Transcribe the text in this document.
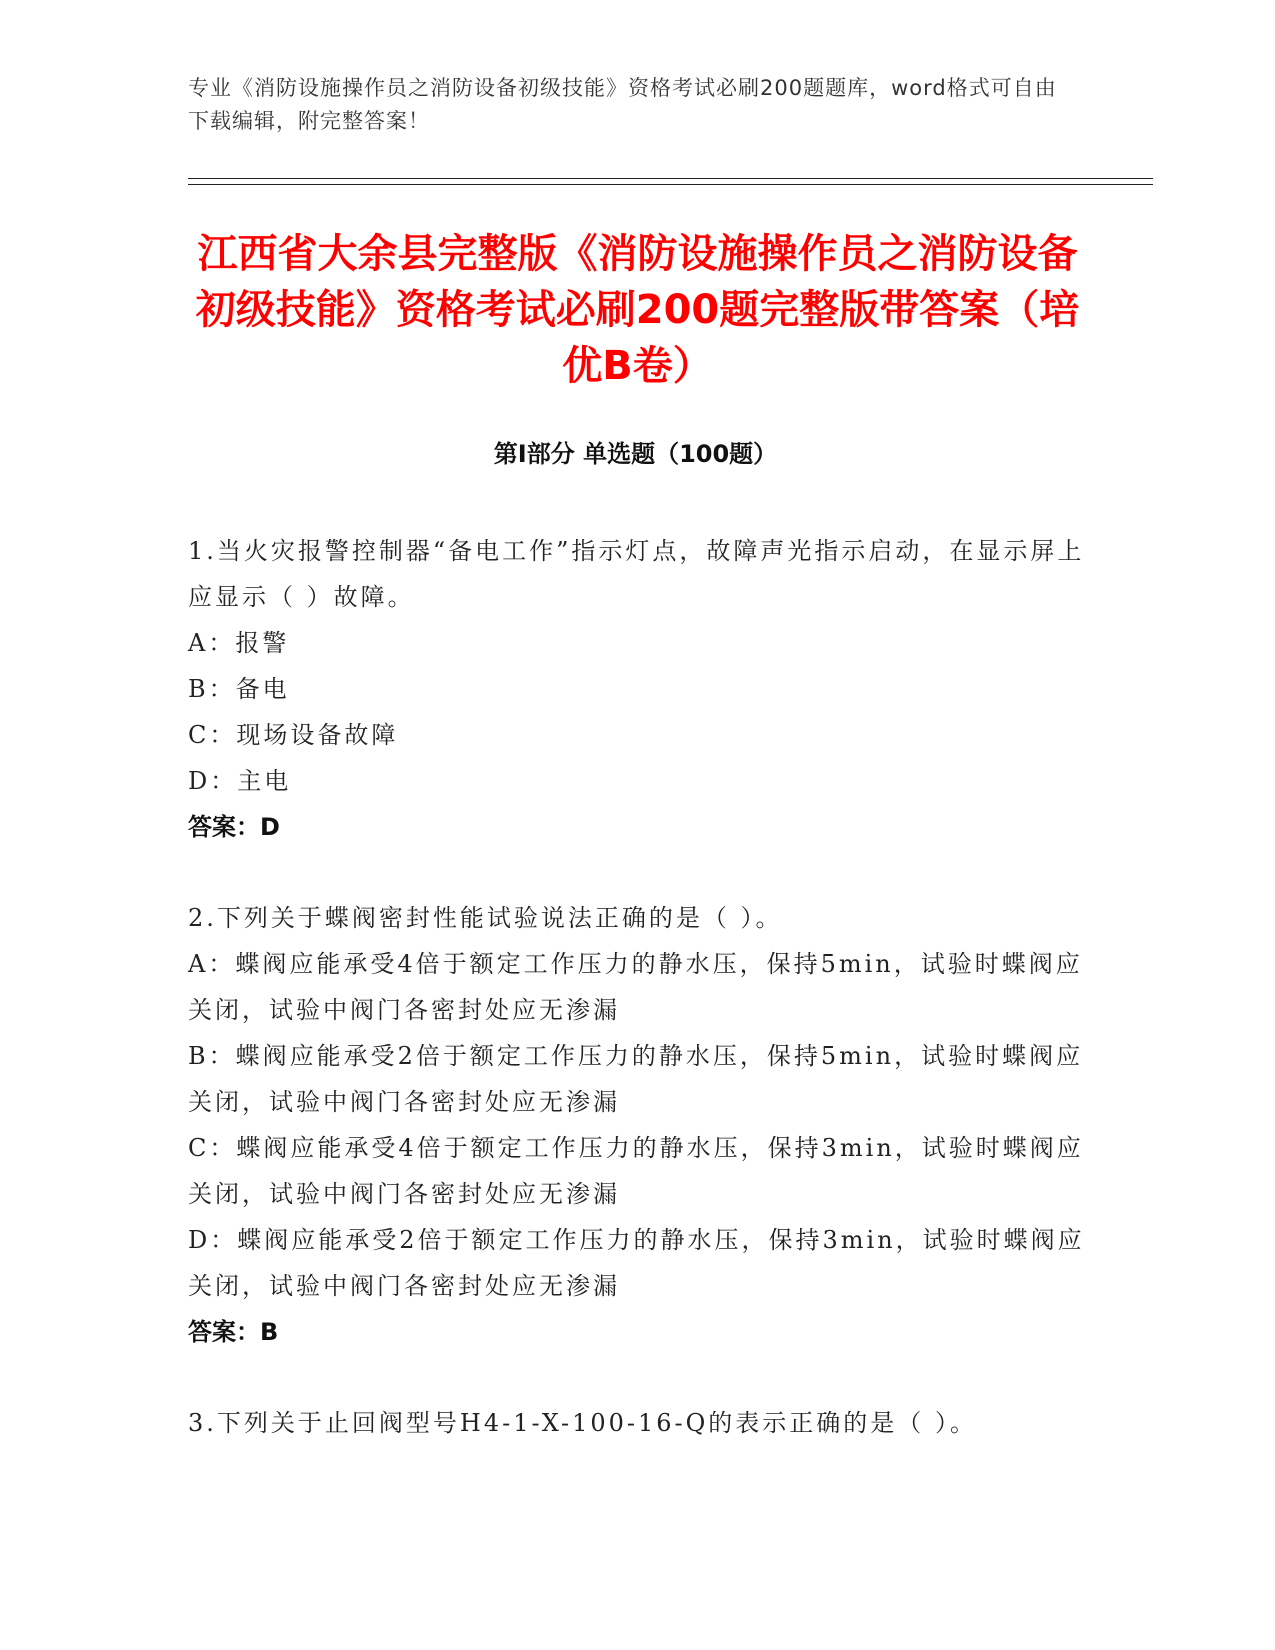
专业《消防设施操作员之消防设备初级技能》资格考试必刷200题题库，word格式可自由下载编辑，附完整答案！
江西省大余县完整版《消防设施操作员之消防设备初级技能》资格考试必刷200题完整版带答案（培优B卷）
第I部分 单选题（100题）

1.当火灾报警控制器“备电工作”指示灯点，故障声光指示启动，在显示屏上应显示（ ）故障。

A：报警

B：备电

C：现场设备故障

D：主电

答案：D

2.下列关于蝶阀密封性能试验说法正确的是（ ）。

A：蝶阀应能承受4倍于额定工作压力的静水压，保持5min，试验时蝶阀应关闭，试验中阀门各密封处应无渗漏

B：蝶阀应能承受2倍于额定工作压力的静水压，保持5min，试验时蝶阀应关闭，试验中阀门各密封处应无渗漏

C：蝶阀应能承受4倍于额定工作压力的静水压，保持3min，试验时蝶阀应关闭，试验中阀门各密封处应无渗漏

D：蝶阀应能承受2倍于额定工作压力的静水压，保持3min，试验时蝶阀应关闭，试验中阀门各密封处应无渗漏

答案：B

3.下列关于止回阀型号H4-1-X-100-16-Q的表示正确的是（ ）。
